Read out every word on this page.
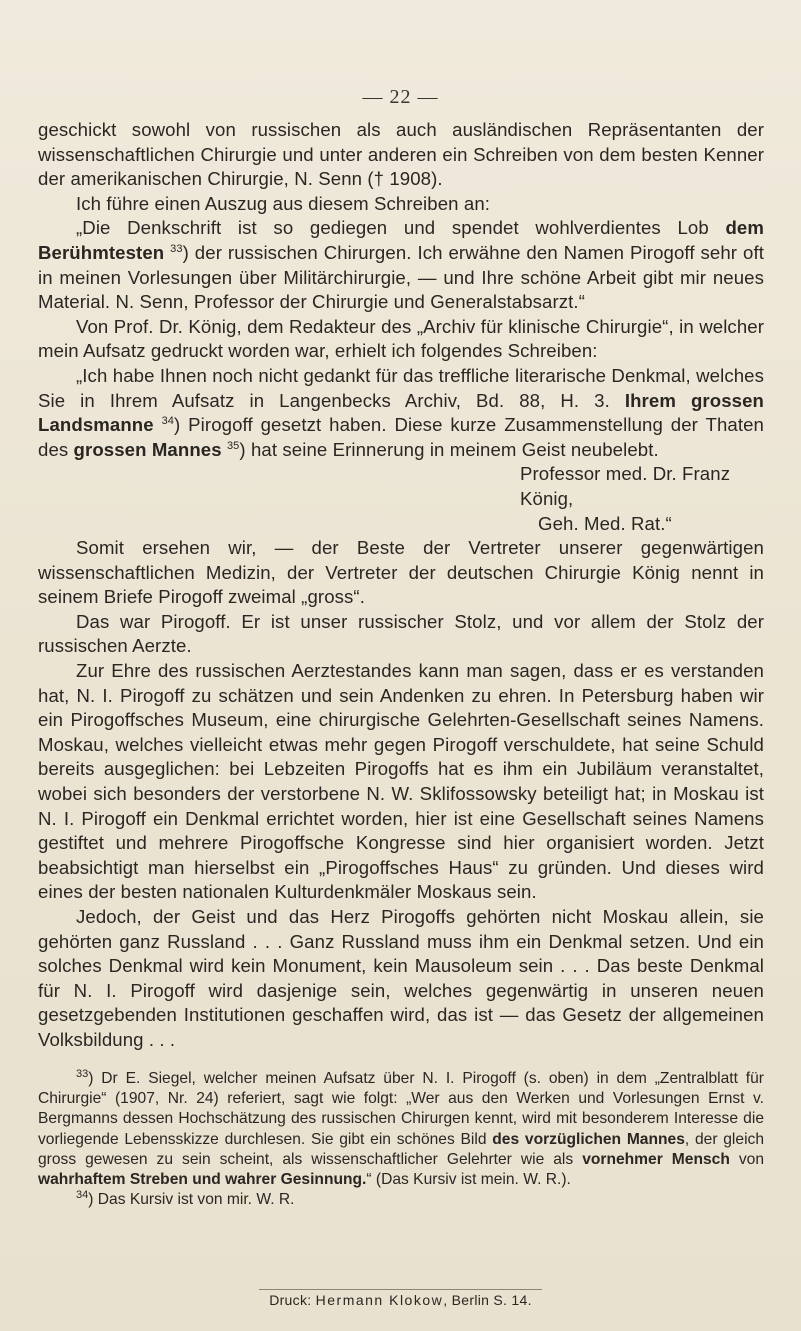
— 22 —

geschickt sowohl von russischen als auch ausländischen Repräsentanten der wissenschaftlichen Chirurgie und unter anderen ein Schreiben von dem besten Kenner der amerikanischen Chirurgie, N. Senn († 1908).

Ich führe einen Auszug aus diesem Schreiben an:

„Die Denkschrift ist so gediegen und spendet wohlverdientes Lob dem Berühmtesten $^{33}$) der russischen Chirurgen. Ich erwähne den Namen Pirogoff sehr oft in meinen Vorlesungen über Militärchirurgie, — und Ihre schöne Arbeit gibt mir neues Material. N. Senn, Professor der Chirurgie und Generalstabsarzt.“

Von Prof. Dr. König, dem Redakteur des „Archiv für klinische Chirurgie“, in welcher mein Aufsatz gedruckt worden war, erhielt ich folgendes Schreiben:

„Ich habe Ihnen noch nicht gedankt für das treffliche literarische Denkmal, welches Sie in Ihrem Aufsatz in Langenbecks Archiv, Bd. 88, H. 3. Ihrem grossen Landsmanne $^{34}$) Pirogoff gesetzt haben. Diese kurze Zusammenstellung der Thaten des grossen Mannes $^{35}$) hat seine Erinnerung in meinem Geist neubelebt.

Professor med. Dr. Franz König,

Geh. Med. Rat.“

Somit ersehen wir, — der Beste der Vertreter unserer gegenwärtigen wissenschaftlichen Medizin, der Vertreter der deutschen Chirurgie König nennt in seinem Briefe Pirogoff zweimal „gross“.

Das war Pirogoff. Er ist unser russischer Stolz, und vor allem der Stolz der russischen Aerzte.

Zur Ehre des russischen Aerztestandes kann man sagen, dass er es verstanden hat, N. I. Pirogoff zu schätzen und sein Andenken zu ehren. In Petersburg haben wir ein Pirogoffsches Museum, eine chirurgische Gelehrten-Gesellschaft seines Namens. Moskau, welches vielleicht etwas mehr gegen Pirogoff verschuldete, hat seine Schuld bereits ausgeglichen: bei Lebzeiten Pirogoffs hat es ihm ein Jubiläum veranstaltet, wobei sich besonders der verstorbene N. W. Sklifossowsky beteiligt hat; in Moskau ist N. I. Pirogoff ein Denkmal errichtet worden, hier ist eine Gesellschaft seines Namens gestiftet und mehrere Pirogoffsche Kongresse sind hier organisiert worden. Jetzt beabsichtigt man hierselbst ein „Pirogoffsches Haus“ zu gründen. Und dieses wird eines der besten nationalen Kulturdenkmäler Moskaus sein.

Jedoch, der Geist und das Herz Pirogoffs gehörten nicht Moskau allein, sie gehörten ganz Russland . . . Ganz Russland muss ihm ein Denkmal setzen. Und ein solches Denkmal wird kein Monument, kein Mausoleum sein . . . Das beste Denkmal für N. I. Pirogoff wird dasjenige sein, welches gegenwärtig in unseren neuen gesetzgebenden Institutionen geschaffen wird, das ist — das Gesetz der allgemeinen Volksbildung . . .

$^{33}$) Dr E. Siegel, welcher meinen Aufsatz über N. I. Pirogoff (s. oben) in dem „Zentralblatt für Chirurgie“ (1907, Nr. 24) referiert, sagt wie folgt: „Wer aus den Werken und Vorlesungen Ernst v. Bergmanns dessen Hochschätzung des russischen Chirurgen kennt, wird mit besonderem Interesse die vorliegende Lebensskizze durchlesen. Sie gibt ein schönes Bild des vorzüglichen Mannes, der gleich gross gewesen zu sein scheint, als wissenschaftlicher Gelehrter wie als vornehmer Mensch von wahrhaftem Streben und wahrer Gesinnung.“ (Das Kursiv ist mein. W. R.).

$^{34}$) Das Kursiv ist von mir. W. R.

Druck: Hermann Klokow, Berlin S. 14.
